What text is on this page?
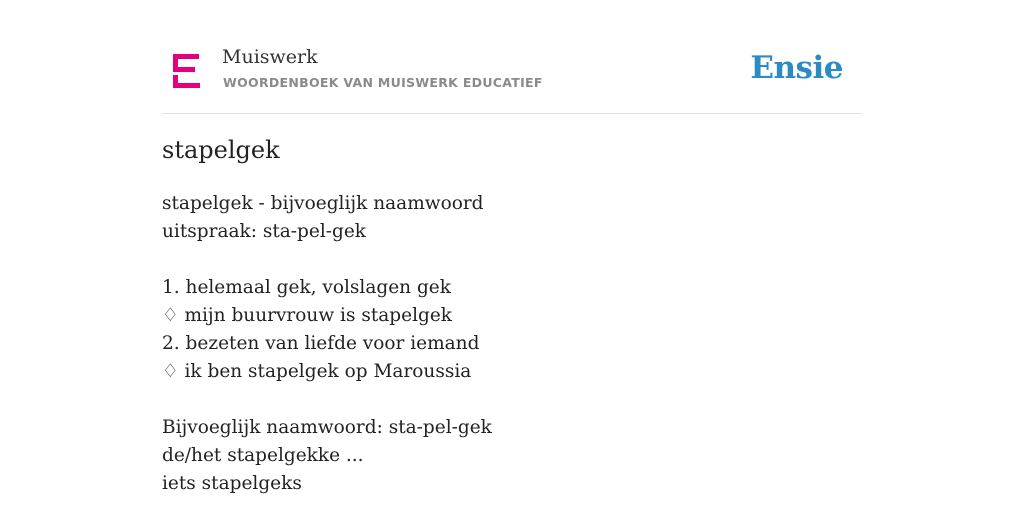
Muiswerk
WOORDENBOEK VAN MUISWERK EDUCATIEF	Ensie
stapelgek
stapelgek - bijvoeglijk naamwoord
uitspraak: sta-pel-gek
1. helemaal gek, volslagen gek
♢ mijn buurvrouw is stapelgek
2. bezeten van liefde voor iemand
♢ ik ben stapelgek op Maroussia
Bijvoeglijk naamwoord: sta-pel-gek
de/het stapelgekke ...
iets stapelgeks
